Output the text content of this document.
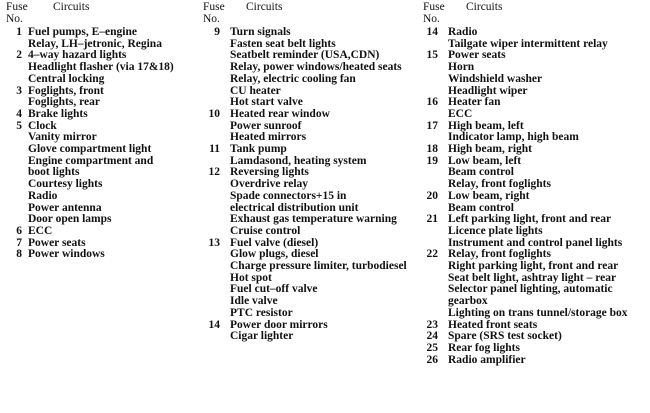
Fuse
No.
Circuits
1 Fuel pumps, E–engine
Relay, LH–jetronic, Regina
2 4–way hazard lights
Headlight flasher (via 17&18)
Central locking
3 Foglights, front
Foglights, rear
4 Brake lights
5 Clock
Vanity mirror
Glove compartment light
Engine compartment and
boot lights
Courtesy lights
Radio
Power antenna
Door open lamps
6 ECC
7 Power seats
8 Power windows
Fuse
No.
Circuits
9 Turn signals
Fasten seat belt lights
Seatbelt reminder (USA,CDN)
Relay, power windows/heated seats
Relay, electric cooling fan
CU heater
Hot start valve
10 Heated rear window
Power sunroof
Heated mirrors
11 Tank pump
Lamdasond, heating system
12 Reversing lights
Overdrive relay
Spade connectors+15 in
electrical distribution unit
Exhaust gas temperature warning
Cruise control
13 Fuel valve (diesel)
Glow plugs, diesel
Charge pressure limiter, turbodiesel
Hot spot
Fuel cut–off valve
Idle valve
PTC resistor
14 Power door mirrors
Cigar lighter
Fuse
No.
Circuits
14 Radio
Tailgate wiper intermittent relay
15 Power seats
Horn
Windshield washer
Headlight wiper
16 Heater fan
ECC
17 High beam, left
Indicator lamp, high beam
18 High beam, right
19 Low beam, left
Beam control
Relay, front foglights
20 Low beam, right
Beam control
21 Left parking light, front and rear
Licence plate lights
Instrument and control panel lights
22 Relay, front foglights
Right parking light, front and rear
Seat belt light, ashtray light – rear
Selector panel lighting, automatic
gearbox
Lighting on trans tunnel/storage box
23 Heated front seats
24 Spare (SRS test socket)
25 Rear fog lights
26 Radio amplifier
